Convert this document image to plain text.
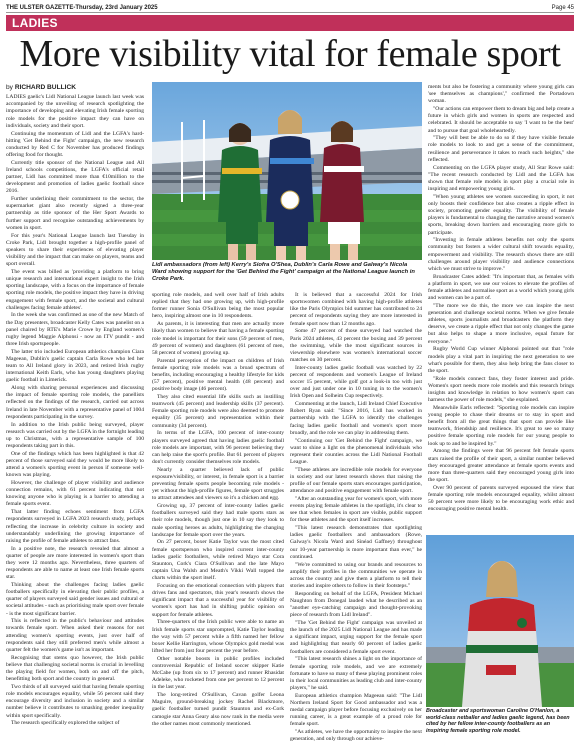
THE ULSTER GAZETTE-Thursday, 23rd January 2025	Page 45
LADIES
More visibility vital for female sport
by RICHARD BULLICK

LADIES gaelic's Lidl National League launch last week was accompanied by the unveiling of research spotlighting the importance of developing and elevating Irish female sporting role models for the positive impact they can have on individuals, society and their sport.

Continuing the momentum of Lidl and the LGFA's hard-hitting 'Get Behind the Fight' campaign, the new research conducted by Red C for November has produced findings offering food for thought.

Currently title sponsor of the National League and All Ireland schools competitions, the LGFA's official retail partner, Lidl has committed more than €10million to the development and promotion of ladies gaelic football since 2016.

Further underlining their commitment to the sector, the supermarket giant also recently signed a three-year partnership as title sponsor of the Her Sport Awards to further support and recognise outstanding achievements by women in sport.

For this year's National League launch last Tuesday in Croke Park, Lidl brought together a high-profile panel of speakers to share their experiences of elevating player visibility and the impact that can make on players, teams and sport overall.

The event was billed as 'providing a platform to bring unique research and international expert insight to the Irish sporting landscape, with a focus on the importance of female sporting role models, the positive impact they have in driving engagement with female sport, and the societal and cultural challenges facing female athletes'.

In the week she was confirmed as one of the new Match of the Day presenters, broadcaster Kelly Cates was panelist on a panel chaired by RTE's Marie Crowe by England women's rugby legend Maggie Alphonsi - now an ITV pundit - and three Irish sportspeople.

The latter trio included European athletics champion Ciara Mageean, Dublin's gaelic captain Carla Rowe who led her team to All Ireland glory in 2023, and retired Irish rugby international Keith Earls, who has young daughters playing gaelic football in Limerick.

Along with sharing personal experiences and discussing the impact of female sporting role models, the panellists reflected on the findings of the research, carried out across Ireland in late November with a representative panel of 1004 respondents participating in the survey.

In addition to the Irish public being surveyed, player research was carried out by the LGFA in the fortnight leading up to Christmas, with a representative sample of 100 respondents taking part in this.

One of the findings which has been highlighted is that 42 percent of those surveyed said they would be more likely to attend a women's sporting event in person if someone well-known was playing.

However, the challenge of player visibility and audience connection remains, with 61 percent indicating that not knowing anyone who is playing is a barrier to attending a female sports event.

That latter finding echoes sentiment from LGFA respondents surveyed in LGFA 2023 research study, perhaps reflecting the increase in celebrity culture in society and understandably underlining the growing importance of raising the profile of female athletes to attract fans.

In a positive note, the research revealed that almost a quarter of people are more interested in women's sport than they were 12 months ago. Nevertheless, three quarters of respondents are able to name at least one Irish female sports star.

Thinking about the challenges facing ladies gaelic footballers specifically in elevating their public profiles, a quarter of players surveyed said gender issues and cultural or societal attitudes - such as prioritising male sport over female - is the most significant barrier.

This is reflected in the public's behaviour and attitudes towards female sport. When asked their reasons for not attending women's sporting events, just over half of respondents said they still preferred men's while almost a quarter felt the women's game isn't as important.

Recognising that stems quo however, the Irish public believe that challenging societal norms is crucial in levelling the playing field for women, both on and off the pitch, benefitting both sport and the country in general.

Two thirds of all surveyed said that having female sporting role models encourages equality, while 56 percent said they encourage diversity and inclusion in society and a similar number believe it contributes to smashing gender inequality within sport specifically.

The research specifically explored the subject of

Lidl ambassadors (from left) Kerry's Síofra O'Shea, Dublin's Carla Rowe and Galway's Nicola Ward showing support for the 'Get Behind the Fight' campaign at the National League launch in Croke Park.

sporting role models, and well over half of Irish adults replied that they had one growing up, with high-profile former runner Sonia O'Sullivan being the most popular hero, inspiring almost one in 10 respondents.

As parents, it is interesting that men are actually more likely than women to believe that having a female sporting role model is important for their sons (59 percent of men, 49 percent of women) and daughters (61 percent of men, 58 percent of women) growing up.

Parental perception of the impact on children of Irish female sporting role models was a broad spectrum of benefits, including encouraging a healthy lifestyle for kids (57 percent), positive mental health (48 percent) and positive body image (46 percent).

They also cited essential life skills such as instilling teamwork (45 percent) and leadership skills (37 percent). Female sporting role models were also deemed to promote equality (35 percent) and representation within their community (34 percent).

In terms of the LGFA, 100 percent of inter-county players surveyed agreed that having ladies gaelic football role models are important, with 96 percent believing they can help raise the sport's profile. But 61 percent of players don't currently consider themselves role models.

Nearly a quarter believed lack of public exposure/visibility, or interest, in female sport is a barrier preventing female sports people becoming role models - yet without the high-profile figures, female sport struggles to attract attendees and viewers so it's a chicken and egg.

Growing up, 37 percent of inter-county ladies gaelic footballers surveyed said they had male sports stars as their role models, though just one in 10 say they look to male sporting heroes as adults, highlighting the changing landscape for female sport over the years.

On 27 percent, boxer Katie Taylor was the most cited female sportsperson who inspired current inter-county ladies gaelic footballers, while retired Mayo star Cora Staunton, Cork's Ciara O'Sullivan and the late Mayo captain Una Walsh and Meath's Vikki Wall topped the charts within the sport itself.

Focusing on the emotional connection with players that drives fans and spectators, this year's research shows the significant impact that a successful year for visibility of women's sport has had in shifting public opinion on support for female athletes.

Three-quarters of the Irish public were able to name an Irish female sports star unprompted, Katie Taylor leading the way with 57 percent while a fifth named her fellow boxer Kellie Harrington, whose Olympics gold medal was lifted her from just four percent the year before.

Other notable boosts in public profiles included controversial Republic of Ireland soccer skipper Katie McCabe (up from six to 17 percent) and runner Rhasidat Adeleke, who rocketed from one per percent to 12 percent in the last year.

The long-retired O'Sullivan, Cavan golfer Leona Maguire, ground-breaking jockey Rachel Blackmore, gaelic footballer turned pundit Staunton and ex-Cork camogie star Anna Geary also now rank in the media were the other names most commonly mentioned.

It is believed that a successful 2024 for Irish sportswomen combined with having high-profile athletes like the Paris Olympics bid summer has contributed to 24 percent of respondents saying they are more interested in female sport now than 12 months ago.

Some 47 percent of those surveyed had watched the Paris 2024 athletes, 43 percent the boxing and 39 percent the swimming, while the most significant sources in viewership elsewhere was women's international soccer matches on 30 percent.

Inter-county ladies gaelic football was watched by 22 percent of respondents and women's League of Ireland soccer 15 percent, while golf got a look-in too with just over and just under one in 10 tuning in to the women's Irish Open and Solheim Cup respectively.

Commenting at the launch, Lidl Ireland Chief Executive Robert Ryan said: "Since 2016, Lidl has worked in partnership with the LGFA to identify the challenges facing ladies gaelic football and women's sport more broadly, and the role we can play in addressing them.

"Continuing our 'Get Behind the Fight' campaign, we want to shine a light on the phenomenal individuals who represent their counties across the Lidl National Football League.

"These athletes are incredible role models for everyone in society and our latest research shows that raising the profile of our female sports stars encourages participation, attendance and positive engagement with female sport.

"After an outstanding year for women's sport, with more events playing female athletes in the spotlight, it's clear to see that when females in sport are visible, public support for these athletes and the sport itself increases.

"This latest research demonstrates that spotlighting ladies gaelic footballers and ambassadors (Rowe, Galway's Nicola Ward and Sinéad Gaffney) throughout our 10-year partnership is more important than ever," he continued.

"We're committed to using our brands and resources to amplify their profiles in the communities we operate in across the country and give them a platform to tell their stories and inspire others to follow in their footsteps."

Responding on behalf of the LGFA, President Michael Naughton from Donegal lauded what he described as an "another eye-catching campaign and thought-provoking piece of research from Lidl Ireland".

"The 'Get Behind the Fight' campaign was unveiled at the launch of the 2025 Lidl National League and has made a significant impact, urging support for the female sport and highlighting that nearly 60 percent of ladies gaelic footballers are considered a female sport event.

"This latest research shines a light on the importance of female sporting role models, and we are extremely fortunate to have so many of these playing prominent roles in their local communities as leading club and inter-county players," he said.

European athletics champion Mageean said: "The Lidl Northern Ireland Sport for Good ambassador and was a medal campaign player before focusing exclusively on her running career, is a great example of a proud role for female sport.

"As athletes, we have the opportunity to inspire the next generation, and only through our achieve-

ments but also be fostering a community where young girls can 'see themselves as champions'," confirmed the Portadown woman.

"Our actions can empower them to dream big and help create a future in which girls and women in sports are respected and celebrated. It should be acceptable to say 'I want to be the best' and to pursue that goal wholeheartedly.

"They will best be able to do so if they have visible female role models to look to and get a sense of the commitment, resilience and perseverance it takes to reach such heights," she reflected.

Commenting on the LGFA player study, All Star Rowe said: "The recent research conducted by Lidl and the LGFA has shown that female role models in sport play a crucial role in inspiring and empowering young girls.

"When young athletes see women succeeding in sport, it not only boosts their confidence but also creates a ripple effect in society, promoting gender equality. The visibility of female players is fundamental to changing the narrative around women's sports, breaking down barriers and encouraging more girls to participate.

"Investing in female athletes benefits not only the sports community but fosters a wider cultural shift towards equality, empowerment and visibility. The research shows there are still challenges around player visibility and audience connections which we must strive to improve."

Broadcaster Cates added: "It's important that, as females with a platform in sport, we use our voices to elevate the profiles of female athletes and normalise sport as a world which young girls and women can be a part of.

"The more we do this, the more we can inspire the next generation and challenge societal norms. When we give female athletes, sports journalists and broadcasters the platform they deserve, we create a ripple effect that not only changes the game but also helps to shape a more inclusive, equal future for everyone."

Rugby World Cup winner Alphonsi pointed out that "role models play a vital part in inspiring the next generation to see what's possible for them, they also help bring the fans closer to the sport.

"Role models connect fans, they foster interest and pride. Women's sport needs more role models and this research brings insights and knowledge in relation to how women's sport can harness the power of role models," she explained.

Meanwhile Earls reflected: "Sporting role models can inspire young people to chase their dreams or to stay in sport and benefit from all the great things that sport can provide like teamwork, friendship and resilience. It's great to see so many positive female sporting role models for our young people to look up to and be inspired by."

Among the findings were that 96 percent felt female sports stars raised the profile of their sport, a similar number believed they encouraged greater attendance at female sports events and more than three-quarters said they encouraged young girls into the sport.

Over 90 percent of parents surveyed espoused the view that female sporting role models encouraged equality, whilst almost 50 percent were more likely to be encouraging work ethic and encouraging positive mental health.

Broadcaster and sportswoman Caroline O'Hanlon, a world-class netballer and ladies gaelic legend, has been cited by her fellow inter-county footballers as an inspiring female sporting role model.
